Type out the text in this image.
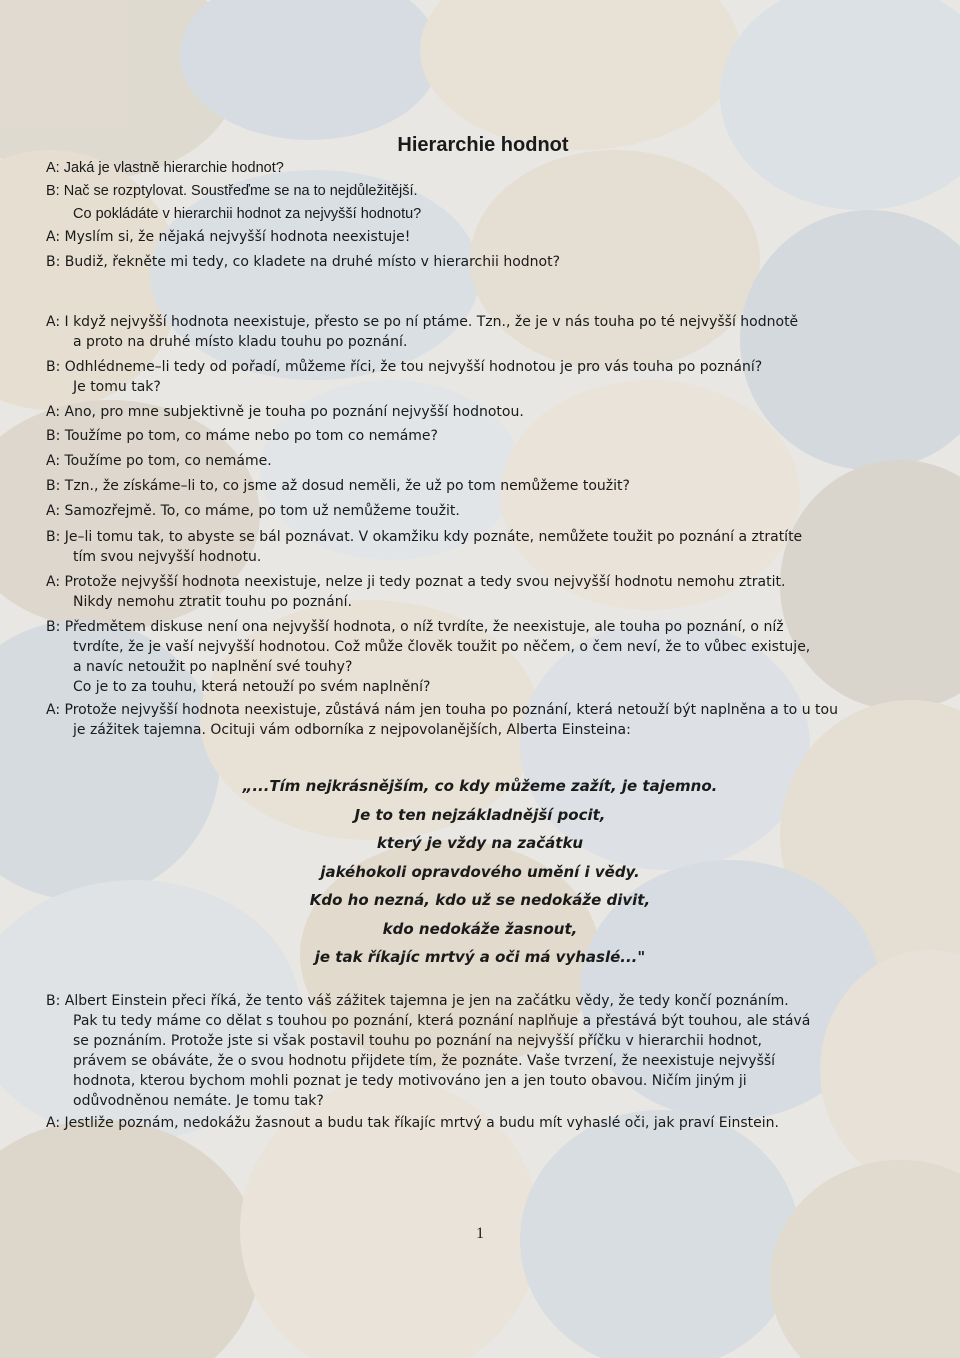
Hierarchie hodnot
A: Jaká je vlastně hierarchie hodnot?
B: Nač se rozptylovat. Soustřeďme se na to nejdůležitější.
Co pokládáte v hierarchii hodnot za nejvyšší hodnotu?
A: Myslím si, že nějaká nejvyšší hodnota neexistuje!
B: Budiž, řekněte mi tedy, co kladete na druhé místo v hierarchii hodnot?
A: I když nejvyšší hodnota neexistuje, přesto se po ní ptáme. Tzn., že je v nás touha po té nejvyšší hodnotě
a proto na druhé místo kladu touhu po poznání.
B: Odhlédneme–li tedy od pořadí, můžeme říci, že tou nejvyšší hodnotou je pro vás touha po poznání?
Je tomu tak?
A: Ano, pro mne subjektivně je touha po poznání nejvyšší hodnotou.
B: Toužíme po tom, co máme nebo po tom co nemáme?
A: Toužíme po tom, co nemáme.
B: Tzn., že získáme–li to, co jsme až dosud neměli, že už po tom nemůžeme toužit?
A: Samozřejmě. To, co máme, po tom už nemůžeme toužit.
B: Je–li tomu tak, to abyste se bál poznávat. V okamžiku kdy poznáte, nemůžete toužit po poznání a ztratíte
tím svou nejvyšší hodnotu.
A: Protože nejvyšší hodnota neexistuje, nelze ji tedy poznat a tedy svou nejvyšší hodnotu nemohu ztratit.
Nikdy nemohu ztratit touhu po poznání.
B: Předmětem diskuse není ona nejvyšší hodnota, o níž tvrdíte, že neexistuje, ale touha po poznání, o níž
tvrdíte, že je vaší nejvyšší hodnotou. Což může člověk toužit po něčem, o čem neví, že to vůbec existuje,
a navíc netoužit po naplnění své touhy?
Co je to za touhu, která netouží po svém naplnění?
A: Protože nejvyšší hodnota neexistuje, zůstává nám jen touha po poznání, která netouží být naplněna a to u tou
je zážitek tajemna. Ocituji vám odborníka z nejpovolanějších, Alberta Einsteina:
„...Tím nejkrásnějším, co kdy můžeme zažít, je tajemno.
Je to ten nejzákladnější pocit,
který je vždy na začátku
jakéhokoli opravdového umění i vědy.
Kdo ho nezná, kdo už se nedokáže divit,
kdo nedokáže žasnout,
je tak říkajíc mrtvý a oči má vyhaslé..."
B: Albert Einstein přeci říká, že tento váš zážitek tajemna je jen na začátku vědy, že tedy končí poznáním.
Pak tu tedy máme co dělat s touhou po poznání, která poznání naplňuje a přestává být touhou, ale stává
se poznáním. Protože jste si však postavil touhu po poznání na nejvyšší příčku v hierarchii hodnot,
právem se obáváte, že o svou hodnotu přijdete tím, že poznáte. Vaše tvrzení, že neexistuje nejvyšší
hodnota, kterou bychom mohli poznat je tedy motivováno jen a jen touto obavou. Ničím jiným ji
odůvodněnou nemáte. Je tomu tak?
A: Jestliže poznám, nedokážu žasnout a budu tak říkajíc mrtvý a budu mít vyhaslé oči, jak praví Einstein.
1
